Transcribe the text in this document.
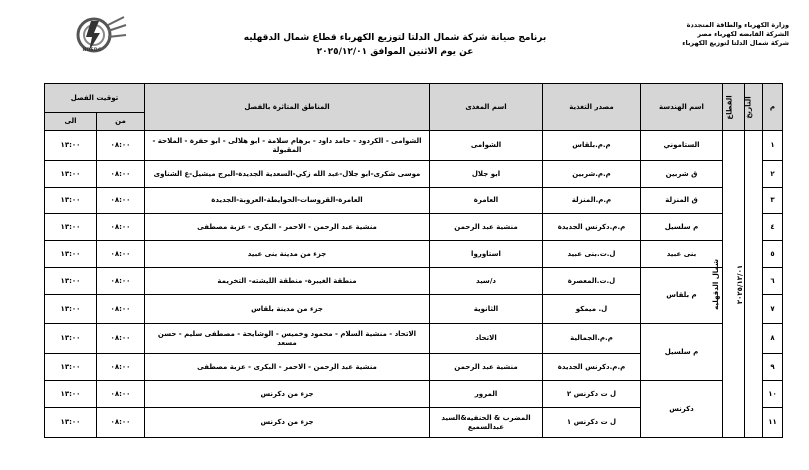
وزارة الكهرباء والطاقة المتجددة
الشركة القابضه لكهرباء مصر
شركة شمال الدلتا لتوزيع الكهرباء
NDEDC
برنامج صيانة شركة شمال الدلتا لتوزيع الكهرباء قطاع شمال الدقهليه
عن يوم الاثنين الموافق ٢٠٢٥/١٢/٠١
م	التاريخ	القطاع	اسم الهندسة	مصدر التغذية	اسم المغذى	المناطق المتاثرة بالفصل	توقيت الفصل	
							من	الى
١	٢٠٢٥/١٢/٠١	شمال الدقهليه	الستاموني	م.م.بلقاس	الشوامى	الشوامى - الكردود - حامد داود - برهام سلامة - ابو هلالى - ابو حفرة - الملاحة - المقبولة	٠٨:٠٠	١٣:٠٠
٢			ق شربين	م.م.شربين	ابو جلال	موسى شكرى-ابو جلال-عبد الله زكي-السعدية الجديدة-البرج ميشيل-ع الشناوى	٠٨:٠٠	١٣:٠٠
٣			ق المنزلة	م.م.المنزلة	العامرة	العامرة-القروسات-الحوايطة-العروبة-الجديدة	٠٨:٠٠	١٣:٠٠
٤			م سلسيل	م.م.دكرنس الجديدة	منشية عبد الرحمن	منشية عبد الرحمن - الاحمر - البكرى - عزبة مصطفى	٠٨:٠٠	١٣:٠٠
٥			بنى عبيد	ل.ت.بنى عبيد	استاوروا	جزء من مدينة بنى عبيد	٠٨:٠٠	١٣:٠٠
٦			م بلقاس	ل.ت.المعصرة	د/سيد	منطقة الغيبرة- منطقة الليشته- التخريمة	٠٨:٠٠	١٣:٠٠
٧				ل. ميمكو	الثانوية	جزء من مدينة بلقاس	٠٨:٠٠	١٣:٠٠
٨			م سلسيل	م.م.الجمالية	الاتحاد	الاتحاد - منشية السلام - محمود وخميس - الوشايحة - مصطفى سليم - حسن مسعد	٠٨:٠٠	١٣:٠٠
٩				م.م.دكرنس الجديدة	منشية عبد الرحمن	منشية عبد الرحمن - الاحمر - البكرى - عزبة مصطفى	٠٨:٠٠	١٣:٠٠
١٠			دكرنس	ل ت دكرنس ٢	المرور	جزء من دكرنس	٠٨:٠٠	١٣:٠٠
١١				ل ت دكرنس ١	المضرب & الحنفيه&السيد عبدالسميع	جزء من دكرنس	٠٨:٠٠	١٣:٠٠
